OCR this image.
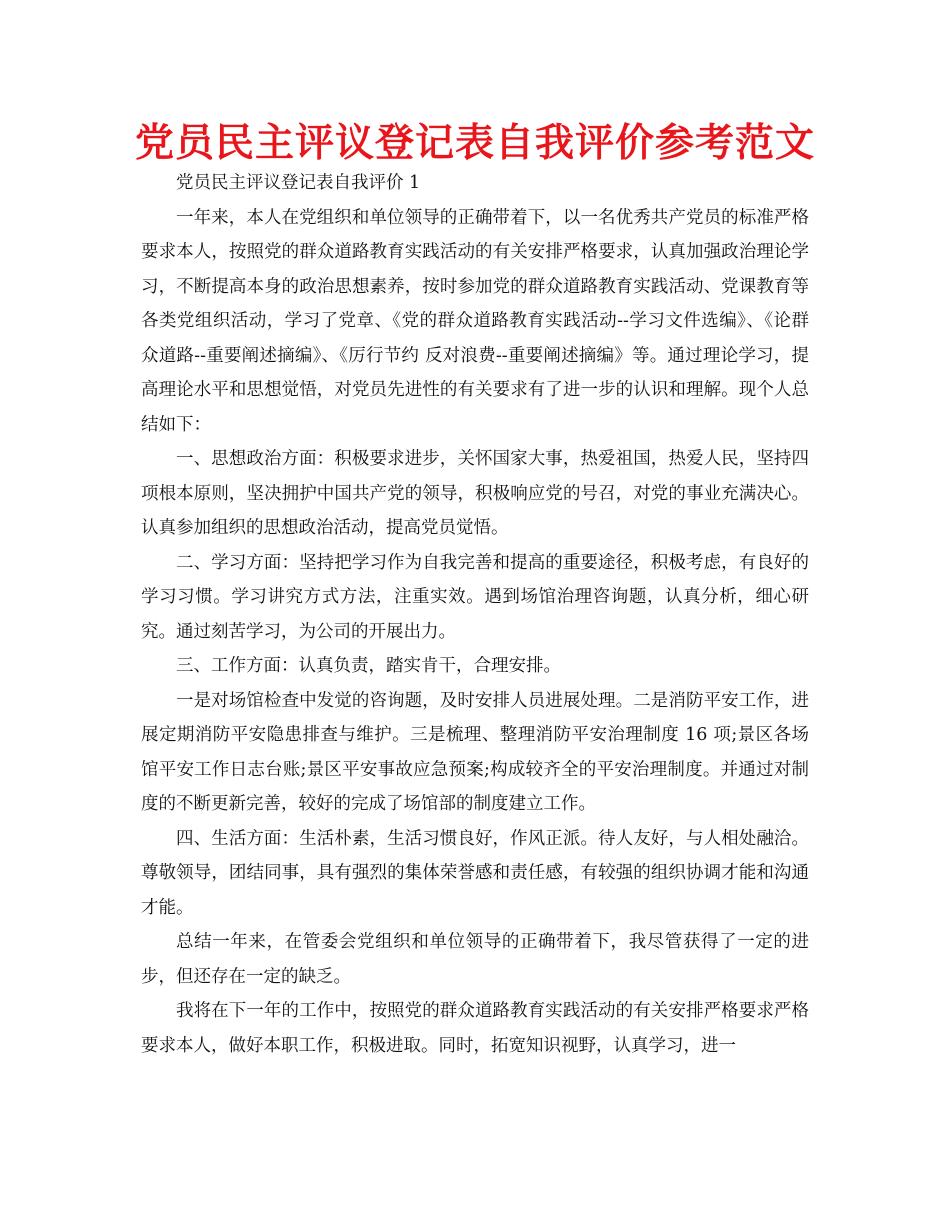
党员民主评议登记表自我评价参考范文

党员民主评议登记表自我评价 1

一年来，本人在党组织和单位领导的正确带着下，以一名优秀共产党员的标准严格要求本人，按照党的群众道路教育实践活动的有关安排严格要求，认真加强政治理论学习，不断提高本身的政治思想素养，按时参加党的群众道路教育实践活动、党课教育等各类党组织活动，学习了党章、《党的群众道路教育实践活动--学习文件选编》、《论群众道路--重要阐述摘编》、《厉行节约 反对浪费--重要阐述摘编》等。通过理论学习，提高理论水平和思想觉悟，对党员先进性的有关要求有了进一步的认识和理解。现个人总结如下：

一、思想政治方面：积极要求进步，关怀国家大事，热爱祖国，热爱人民，坚持四项根本原则，坚决拥护中国共产党的领导，积极响应党的号召，对党的事业充满决心。认真参加组织的思想政治活动，提高党员觉悟。

二、学习方面：坚持把学习作为自我完善和提高的重要途径，积极考虑，有良好的学习习惯。学习讲究方式方法，注重实效。遇到场馆治理咨询题，认真分析，细心研究。通过刻苦学习，为公司的开展出力。

三、工作方面：认真负责，踏实肯干，合理安排。

一是对场馆检查中发觉的咨询题，及时安排人员进展处理。二是消防平安工作，进展定期消防平安隐患排查与维护。三是梳理、整理消防平安治理制度 16 项;景区各场馆平安工作日志台账;景区平安事故应急预案;构成较齐全的平安治理制度。并通过对制度的不断更新完善，较好的完成了场馆部的制度建立工作。

四、生活方面：生活朴素，生活习惯良好，作风正派。待人友好，与人相处融洽。尊敬领导，团结同事，具有强烈的集体荣誉感和责任感，有较强的组织协调才能和沟通才能。

总结一年来，在管委会党组织和单位领导的正确带着下，我尽管获得了一定的进步，但还存在一定的缺乏。

我将在下一年的工作中，按照党的群众道路教育实践活动的有关安排严格要求严格要求本人，做好本职工作，积极进取。同时，拓宽知识视野，认真学习，进一
